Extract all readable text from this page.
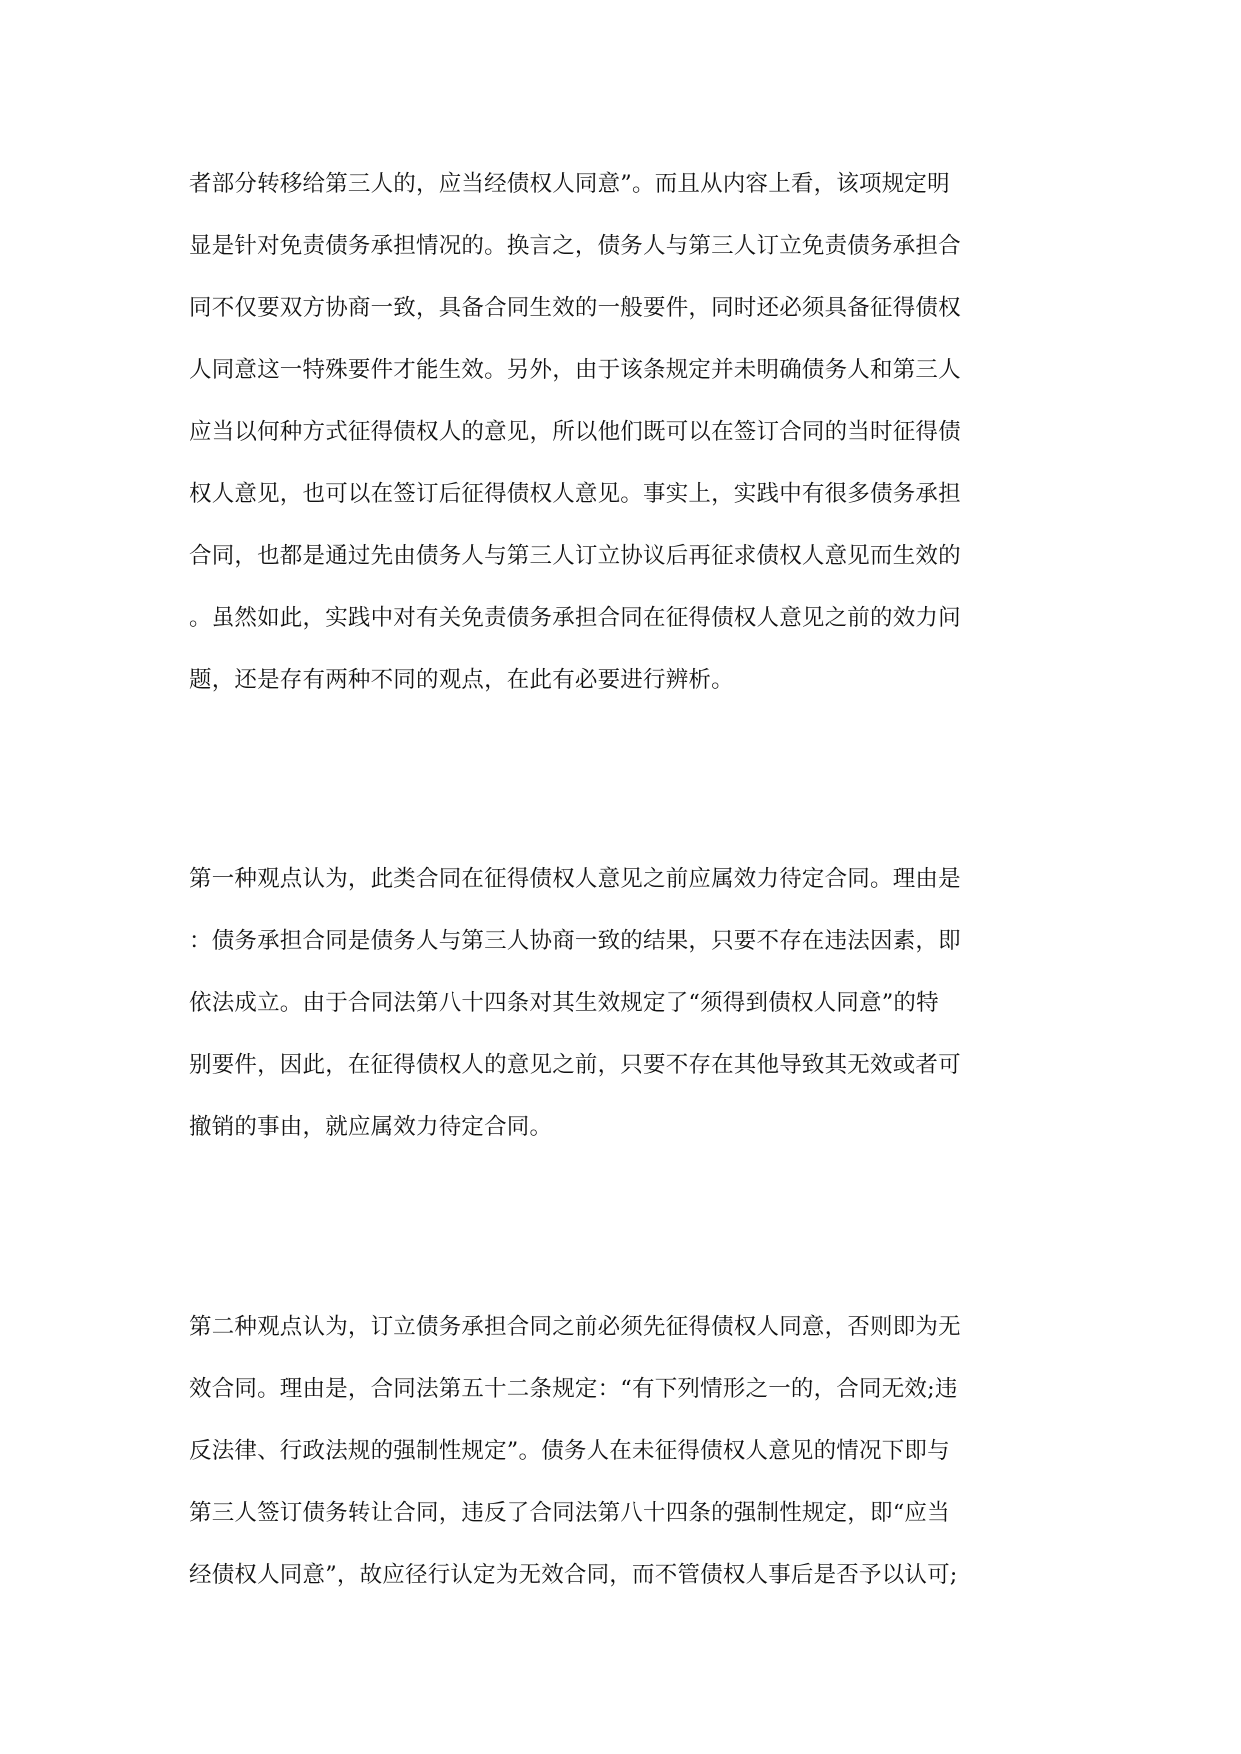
者部分转移给第三人的，应当经债权人同意”。而且从内容上看，该项规定明
显是针对免责债务承担情况的。换言之，债务人与第三人订立免责债务承担合
同不仅要双方协商一致，具备合同生效的一般要件，同时还必须具备征得债权
人同意这一特殊要件才能生效。另外，由于该条规定并未明确债务人和第三人
应当以何种方式征得债权人的意见，所以他们既可以在签订合同的当时征得债
权人意见，也可以在签订后征得债权人意见。事实上，实践中有很多债务承担
合同，也都是通过先由债务人与第三人订立协议后再征求债权人意见而生效的
。虽然如此，实践中对有关免责债务承担合同在征得债权人意见之前的效力问
题，还是存有两种不同的观点，在此有必要进行辨析。
第一种观点认为，此类合同在征得债权人意见之前应属效力待定合同。理由是
：债务承担合同是债务人与第三人协商一致的结果，只要不存在违法因素，即
依法成立。由于合同法第八十四条对其生效规定了“须得到债权人同意”的特
别要件，因此，在征得债权人的意见之前，只要不存在其他导致其无效或者可
撤销的事由，就应属效力待定合同。
第二种观点认为，订立债务承担合同之前必须先征得债权人同意，否则即为无
效合同。理由是，合同法第五十二条规定：“有下列情形之一的，合同无效;违
反法律、行政法规的强制性规定”。债务人在未征得债权人意见的情况下即与
第三人签订债务转让合同，违反了合同法第八十四条的强制性规定，即“应当
经债权人同意”，故应径行认定为无效合同，而不管债权人事后是否予以认可;
